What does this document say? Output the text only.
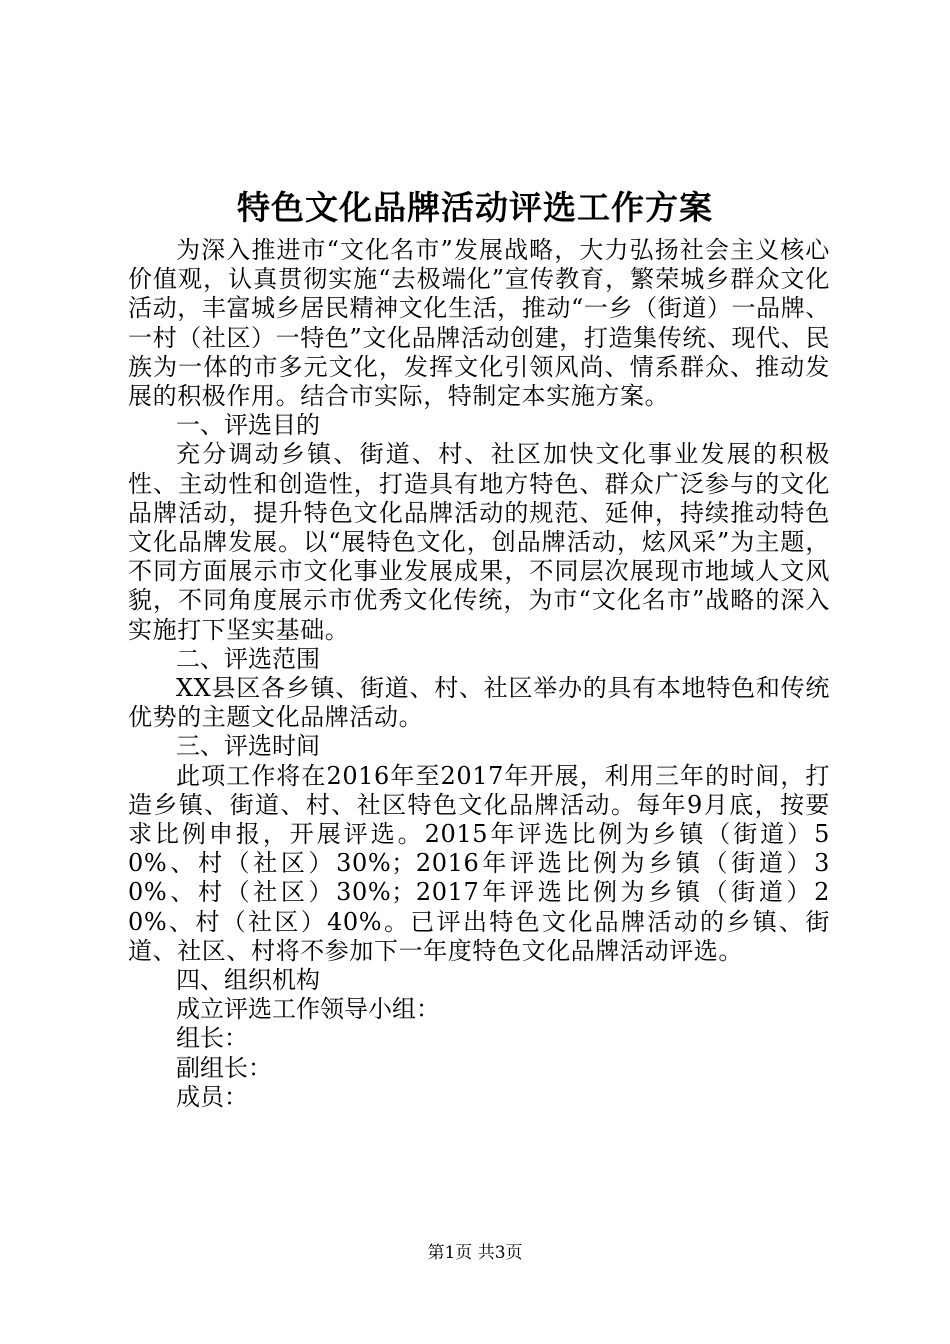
特色文化品牌活动评选工作方案

为深入推进市“文化名市”发展战略，大力弘扬社会主义核心价值观，认真贯彻实施“去极端化”宣传教育，繁荣城乡群众文化活动，丰富城乡居民精神文化生活，推动“一乡（街道）一品牌、一村（社区）一特色”文化品牌活动创建，打造集传统、现代、民族为一体的市多元文化，发挥文化引领风尚、情系群众、推动发展的积极作用。结合市实际，特制定本实施方案。

一、评选目的

充分调动乡镇、街道、村、社区加快文化事业发展的积极性、主动性和创造性，打造具有地方特色、群众广泛参与的文化品牌活动，提升特色文化品牌活动的规范、延伸，持续推动特色文化品牌发展。以“展特色文化，创品牌活动，炫风采”为主题，不同方面展示市文化事业发展成果，不同层次展现市地域人文风貌，不同角度展示市优秀文化传统，为市“文化名市”战略的深入实施打下坚实基础。

二、评选范围

XX县区各乡镇、街道、村、社区举办的具有本地特色和传统优势的主题文化品牌活动。

三、评选时间

此项工作将在2016年至2017年开展，利用三年的时间，打造乡镇、街道、村、社区特色文化品牌活动。每年9月底，按要求比例申报，开展评选。2015年评选比例为乡镇（街道）50%、村（社区）30%；2016年评选比例为乡镇（街道）30%、村（社区）30%；2017年评选比例为乡镇（街道）20%、村（社区）40%。已评出特色文化品牌活动的乡镇、街道、社区、村将不参加下一年度特色文化品牌活动评选。

四、组织机构

成立评选工作领导小组：

组长：

副组长：

成员：

第1页 共3页
